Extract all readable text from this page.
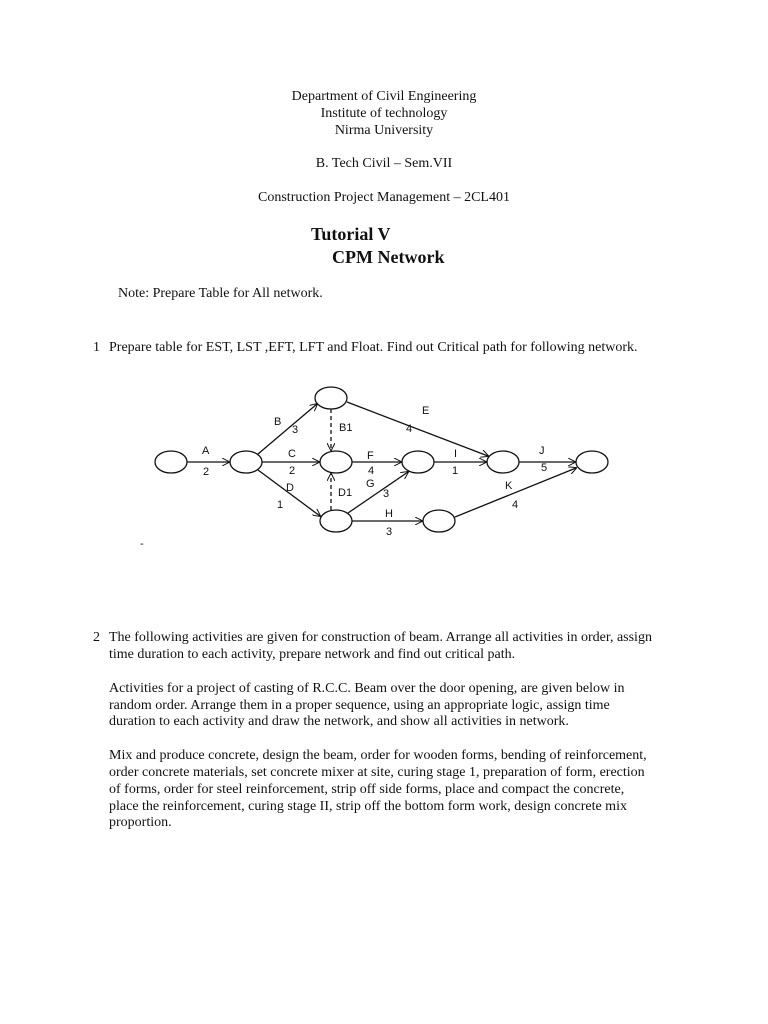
Department of Civil Engineering
Institute of technology
Nirma University
B. Tech Civil – Sem.VII
Construction Project Management – 2CL401
Tutorial V
CPM Network
Note: Prepare Table for All network.
1 Prepare table for EST, LST ,EFT, LFT and Float. Find out Critical path for following network.
A
2
B
3	B1
C
2
D
1
D1
E
4
F
4
G
3
H
3
I
1
J
5
K
4
-
2 The following activities are given for construction of beam. Arrange all activities in order, assign
time duration to each activity, prepare network and find out critical path.
Activities for a project of casting of R.C.C. Beam over the door opening, are given below in
random order. Arrange them in a proper sequence, using an appropriate logic, assign time
duration to each activity and draw the network, and show all activities in network.
Mix and produce concrete, design the beam, order for wooden forms, bending of reinforcement,
order concrete materials, set concrete mixer at site, curing stage 1, preparation of form, erection
of forms, order for steel reinforcement, strip off side forms, place and compact the concrete,
place the reinforcement, curing stage II, strip off the bottom form work, design concrete mix
proportion.
